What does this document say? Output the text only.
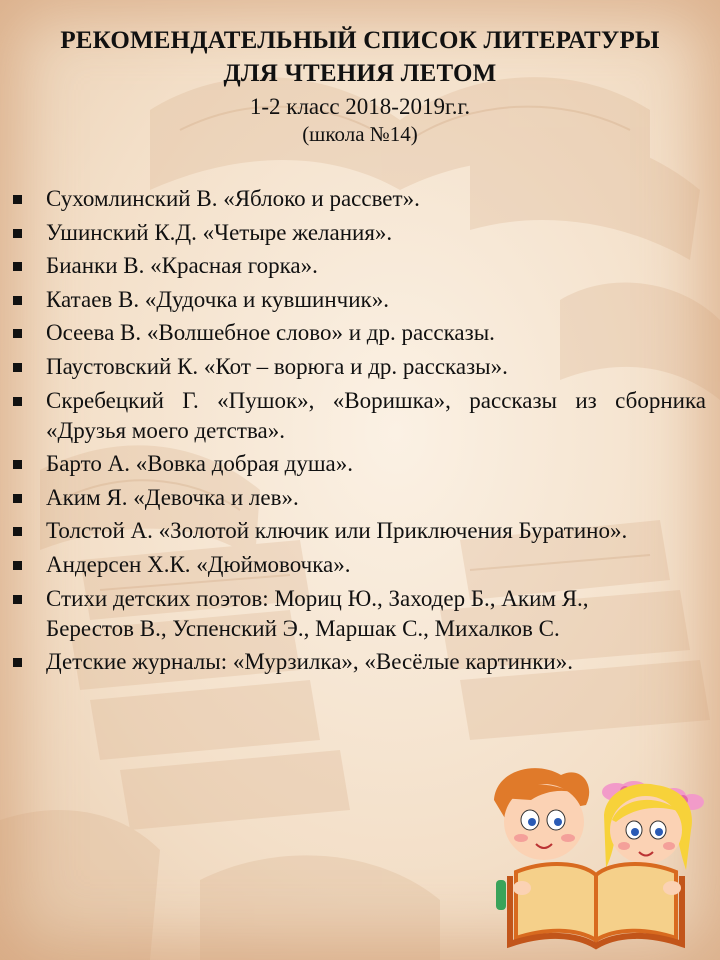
РЕКОМЕНДАТЕЛЬНЫЙ СПИСОК ЛИТЕРАТУРЫ
ДЛЯ ЧТЕНИЯ ЛЕТОМ
1-2 класс 2018-2019г.г.
(школа №14)
Сухомлинский В. «Яблоко и рассвет».
Ушинский К.Д. «Четыре желания».
Бианки В. «Красная горка».
Катаев В. «Дудочка и кувшинчик».
Осеева В. «Волшебное слово» и др. рассказы.
Паустовский К. «Кот – ворюга и др. рассказы».
Скребецкий Г. «Пушок», «Воришка», рассказы из сборника «Друзья моего детства».
Барто А. «Вовка добрая душа».
Аким Я. «Девочка и лев».
Толстой А. «Золотой ключик или Приключения Буратино».
Андерсен Х.К. «Дюймовочка».
Стихи детских поэтов: Мориц Ю., Заходер Б., Аким Я., Берестов В., Успенский Э., Маршак С., Михалков С.
Детские журналы: «Мурзилка», «Весёлые картинки».
